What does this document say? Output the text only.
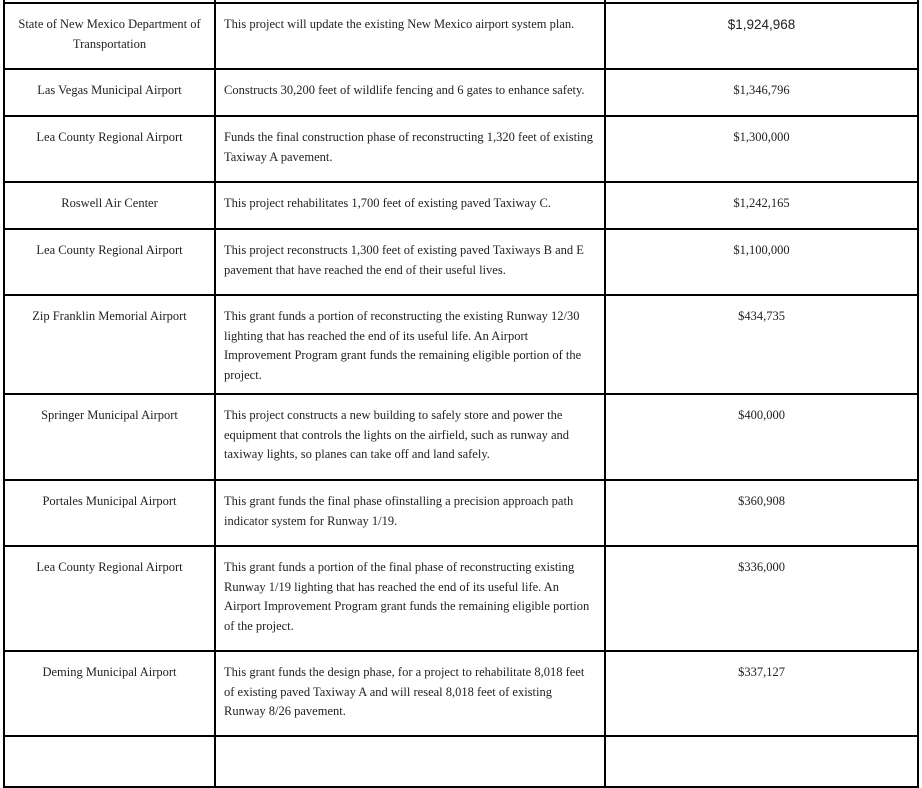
State of New Mexico Department of Transportation	This project will update the existing New Mexico airport system plan.	$1,924,968
Las Vegas Municipal Airport	Constructs 30,200 feet of wildlife fencing and 6 gates to enhance safety.	$1,346,796
Lea County Regional Airport	Funds the final construction phase of reconstructing 1,320 feet of existing Taxiway A pavement.	$1,300,000
Roswell Air Center	This project rehabilitates 1,700 feet of existing paved Taxiway C.	$1,242,165
Lea County Regional Airport	This project reconstructs 1,300 feet of existing paved Taxiways B and E pavement that have reached the end of their useful lives.	$1,100,000
Zip Franklin Memorial Airport	This grant funds a portion of reconstructing the existing Runway 12/30 lighting that has reached the end of its useful life. An Airport Improvement Program grant funds the remaining eligible portion of the project.	$434,735
Springer Municipal Airport	This project constructs a new building to safely store and power the equipment that controls the lights on the airfield, such as runway and taxiway lights, so planes can take off and land safely.	$400,000
Portales Municipal Airport	This grant funds the final phase ofinstalling a precision approach path indicator system for Runway 1/19.	$360,908
Lea County Regional Airport	This grant funds a portion of the final phase of reconstructing existing Runway 1/19 lighting that has reached the end of its useful life. An Airport Improvement Program grant funds the remaining eligible portion of the project.	$336,000
Deming Municipal Airport	This grant funds the design phase, for a project to rehabilitate 8,018 feet of existing paved Taxiway A and will reseal 8,018 feet of existing Runway 8/26 pavement.	$337,127
